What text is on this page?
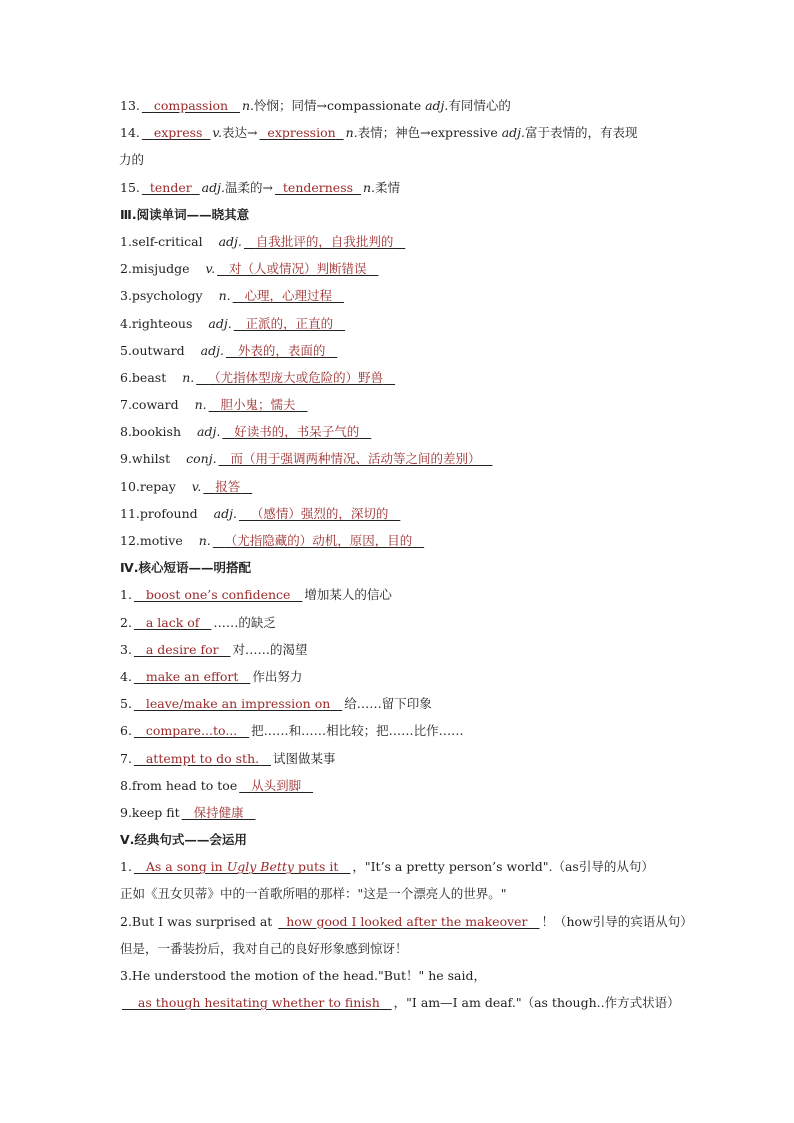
13. compassion n.怜悯；同情→compassionate adj.有同情心的
14. express v.表达→ expression n.表情；神色→expressive adj.富于表情的，有表现
力的
15. tender adj.温柔的→ tenderness n.柔情
Ⅲ.阅读单词——晓其意
1.self-critical adj. 自我批评的，自我批判的
2.misjudge v. 对（人或情况）判断错误
3.psychology n. 心理，心理过程
4.righteous adj. 正派的，正直的
5.outward adj. 外表的，表面的
6.beast n. （尤指体型庞大或危险的）野兽
7.coward n. 胆小鬼；懦夫
8.bookish adj. 好读书的，书呆子气的
9.whilst conj. 而（用于强调两种情况、活动等之间的差别）
10.repay v. 报答
11.profound adj. （感情）强烈的，深切的
12.motive n. （尤指隐藏的）动机，原因，目的
Ⅳ.核心短语——明搭配
1. boost one’s confidence 增加某人的信心
2. a lack of ……的缺乏
3. a desire for 对……的渴望
4. make an effort 作出努力
5. leave/make an impression on 给……留下印象
6. compare...to... 把……和……相比较；把……比作……
7. attempt to do sth. 试图做某事
8.from head to toe 从头到脚
9.keep fit 保持健康
Ⅴ.经典句式——会运用
1. As a song in Ugly Betty puts it ，"It’s a pretty person’s world".（as引导的从句）
正如《丑女贝蒂》中的一首歌所唱的那样："这是一个漂亮人的世界。"
2.But I was surprised at   how good I looked after the makeover ！（how引导的宾语从句）
但是，一番装扮后，我对自己的良好形象感到惊讶！
3.He understood the motion of the head."But！" he said，
as though hesitating whether to finish ，"I am—I am deaf."（as though..作方式状语）
